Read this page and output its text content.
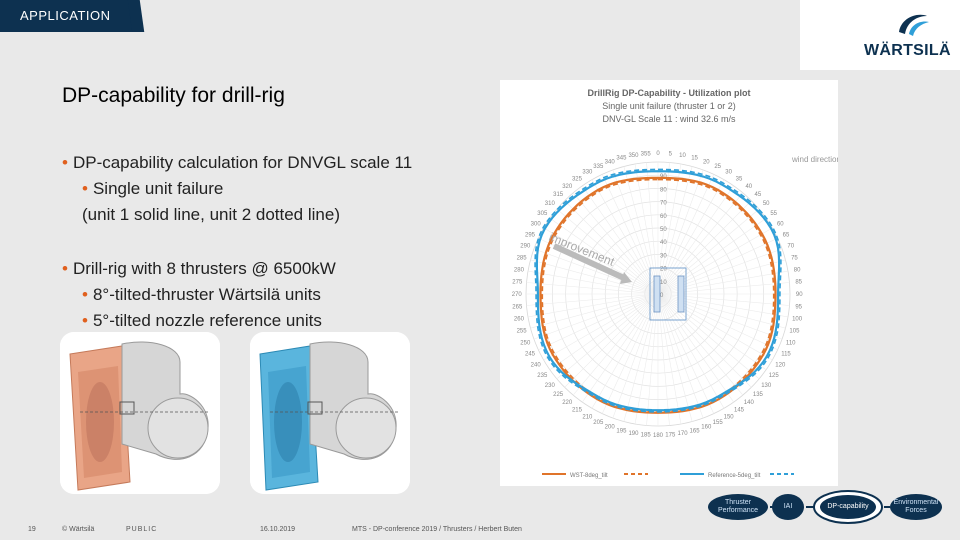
APPLICATION
WÄRTSILÄ
DP-capability for drill-rig
• DP-capability calculation for DNVGL scale 11
• Single unit failure
(unit 1 solid line, unit 2 dotted line)
• Drill-rig with 8 thrusters @ 6500kW
• 8°-tilted-thruster Wärtsilä units
• 5°-tilted nozzle reference units
DrillRig DP-Capability - Utilization plot
Single unit failure (thruster 1 or 2)
DNV-GL Scale 11 : wind 32.6 m/s
0
10
20
30
40
50
60
70
80
90
0 5 10 15
20
25
30
35
40
45
50
55
60
65
70
75
80
85
90
95
100
105
110
115
120
125
130
135
140
145
150
155
160
165
170
175
180
185
190
195
200
205
210
215
220
225
230
235
240
245
250
255
260
265
270
275
280
285
290
295
300
305
310
315
320
325
330
335
340
345 350 355
wind direction
improvement
WST-8deg_tilt	Reference-5deg_tilt
Thruster Performance
IAI	DP-capability
Environmental Forces
19	© Wärtsilä	PUBLIC	16.10.2019	MTS - DP-conference 2019 / Thrusters / Herbert Buten
